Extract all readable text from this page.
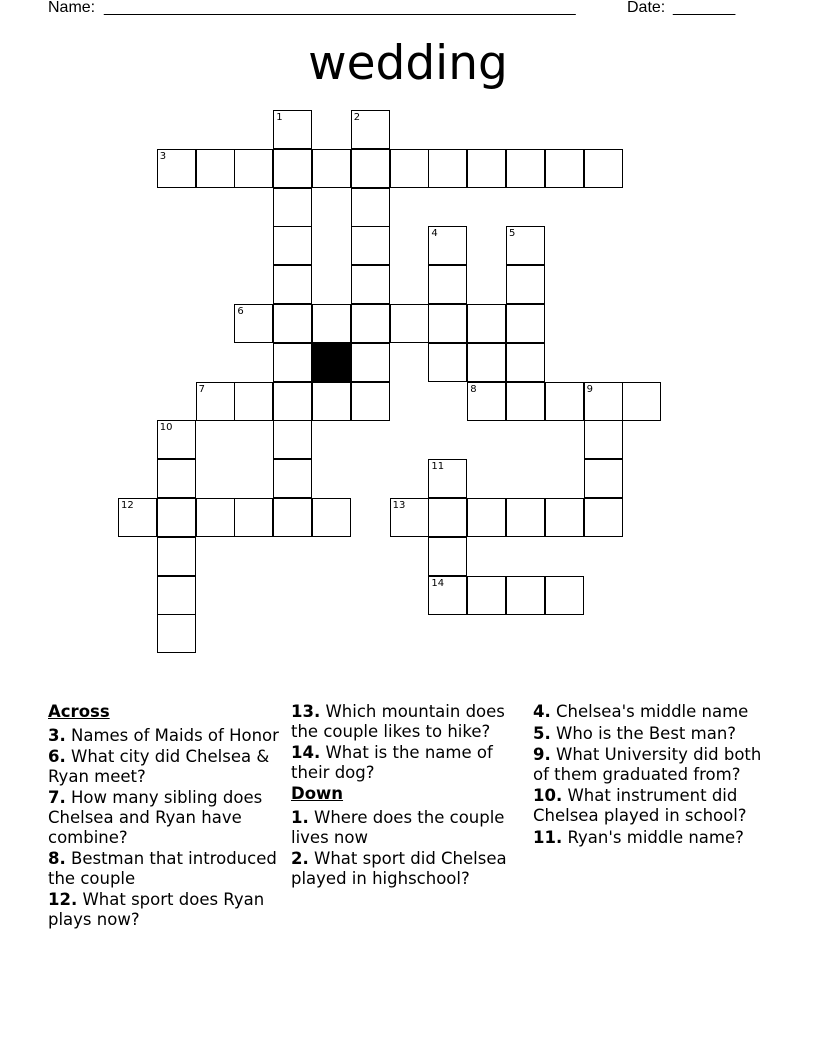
Name: _____________________________________________________	Date: _______
wedding
1	2
3
4	5
6
7	8	9
10
11
12	13
14
Across
3. Names of Maids of Honor
6. What city did Chelsea & Ryan meet?
7. How many sibling does Chelsea and Ryan have combine?
8. Bestman that introduced the couple
12. What sport does Ryan plays now?
13. Which mountain does the couple likes to hike?
14. What is the name of their dog?
Down
1. Where does the couple lives now
2. What sport did Chelsea played in highschool?
4. Chelsea's middle name
5. Who is the Best man?
9. What University did both of them graduated from?
10. What instrument did Chelsea played in school?
11. Ryan's middle name?
